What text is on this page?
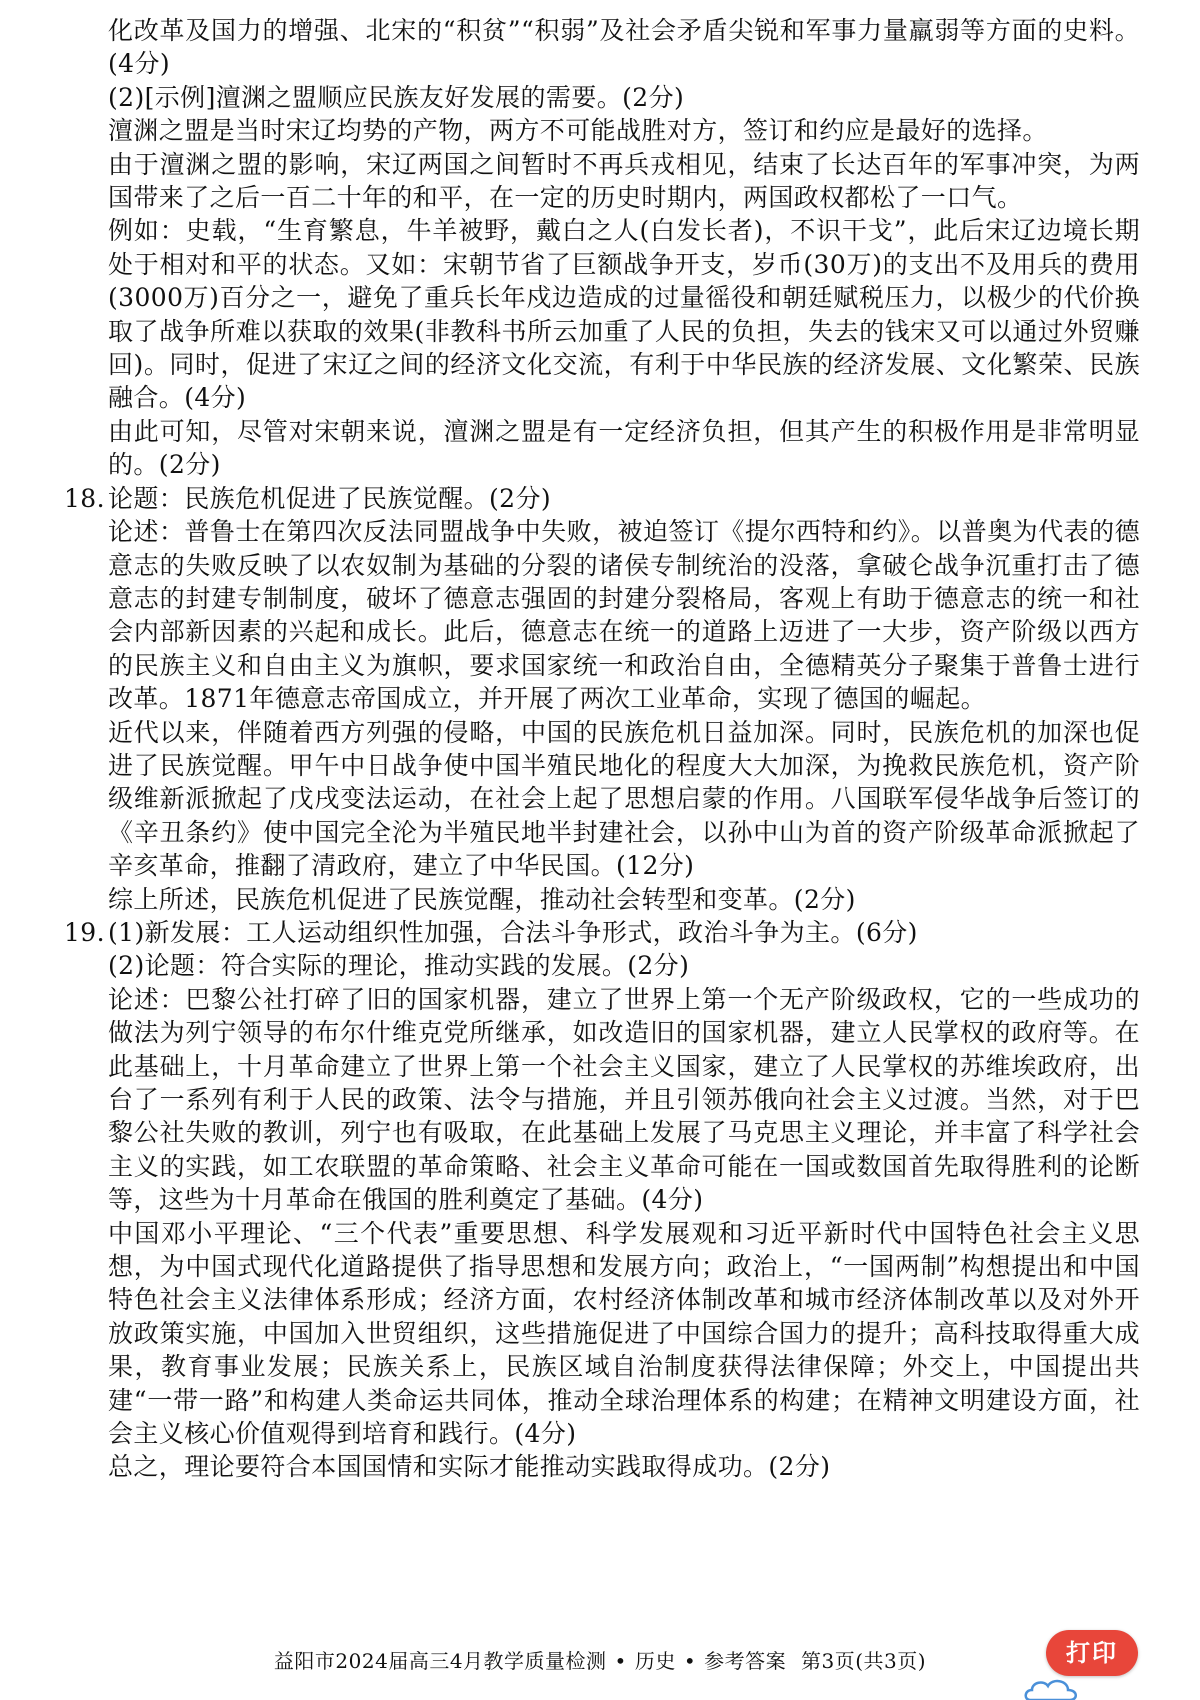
化改革及国力的增强、北宋的“积贫”“积弱”及社会矛盾尖锐和军事力量羸弱等方面的史料。(4分)

(2)[示例]澶渊之盟顺应民族友好发展的需要。(2分)

澶渊之盟是当时宋辽均势的产物，两方不可能战胜对方，签订和约应是最好的选择。

由于澶渊之盟的影响，宋辽两国之间暂时不再兵戎相见，结束了长达百年的军事冲突，为两国带来了之后一百二十年的和平，在一定的历史时期内，两国政权都松了一口气。

例如：史载，“生育繁息，牛羊被野，戴白之人(白发长者)，不识干戈”，此后宋辽边境长期处于相对和平的状态。又如：宋朝节省了巨额战争开支，岁币(30万)的支出不及用兵的费用(3000万)百分之一，避免了重兵长年戍边造成的过量徭役和朝廷赋税压力，以极少的代价换取了战争所难以获取的效果(非教科书所云加重了人民的负担，失去的钱宋又可以通过外贸赚回)。同时，促进了宋辽之间的经济文化交流，有利于中华民族的经济发展、文化繁荣、民族融合。(4分)

由此可知，尽管对宋朝来说，澶渊之盟是有一定经济负担，但其产生的积极作用是非常明显的。(2分)

18. 论题：民族危机促进了民族觉醒。(2分)

论述：普鲁士在第四次反法同盟战争中失败，被迫签订《提尔西特和约》。以普奥为代表的德意志的失败反映了以农奴制为基础的分裂的诸侯专制统治的没落，拿破仑战争沉重打击了德意志的封建专制制度，破坏了德意志强固的封建分裂格局，客观上有助于德意志的统一和社会内部新因素的兴起和成长。此后，德意志在统一的道路上迈进了一大步，资产阶级以西方的民族主义和自由主义为旗帜，要求国家统一和政治自由，全德精英分子聚集于普鲁士进行改革。1871年德意志帝国成立，并开展了两次工业革命，实现了德国的崛起。

近代以来，伴随着西方列强的侵略，中国的民族危机日益加深。同时，民族危机的加深也促进了民族觉醒。甲午中日战争使中国半殖民地化的程度大大加深，为挽救民族危机，资产阶级维新派掀起了戊戌变法运动，在社会上起了思想启蒙的作用。八国联军侵华战争后签订的《辛丑条约》使中国完全沦为半殖民地半封建社会，以孙中山为首的资产阶级革命派掀起了辛亥革命，推翻了清政府，建立了中华民国。(12分)

综上所述，民族危机促进了民族觉醒，推动社会转型和变革。(2分)

19. (1)新发展：工人运动组织性加强，合法斗争形式，政治斗争为主。(6分)

(2)论题：符合实际的理论，推动实践的发展。(2分)

论述：巴黎公社打碎了旧的国家机器，建立了世界上第一个无产阶级政权，它的一些成功的做法为列宁领导的布尔什维克党所继承，如改造旧的国家机器，建立人民掌权的政府等。在此基础上，十月革命建立了世界上第一个社会主义国家，建立了人民掌权的苏维埃政府，出台了一系列有利于人民的政策、法令与措施，并且引领苏俄向社会主义过渡。当然，对于巴黎公社失败的教训，列宁也有吸取，在此基础上发展了马克思主义理论，并丰富了科学社会主义的实践，如工农联盟的革命策略、社会主义革命可能在一国或数国首先取得胜利的论断等，这些为十月革命在俄国的胜利奠定了基础。(4分)

中国邓小平理论、“三个代表”重要思想、科学发展观和习近平新时代中国特色社会主义思想，为中国式现代化道路提供了指导思想和发展方向；政治上，“一国两制”构想提出和中国特色社会主义法律体系形成；经济方面，农村经济体制改革和城市经济体制改革以及对外开放政策实施，中国加入世贸组织，这些措施促进了中国综合国力的提升；高科技取得重大成果，教育事业发展；民族关系上，民族区域自治制度获得法律保障；外交上，中国提出共建“一带一路”和构建人类命运共同体，推动全球治理体系的构建；在精神文明建设方面，社会主义核心价值观得到培育和践行。(4分)

总之，理论要符合本国国情和实际才能推动实践取得成功。(2分)

益阳市2024届高三4月教学质量检测 • 历史 • 参考答案 第3页(共3页)	打印
